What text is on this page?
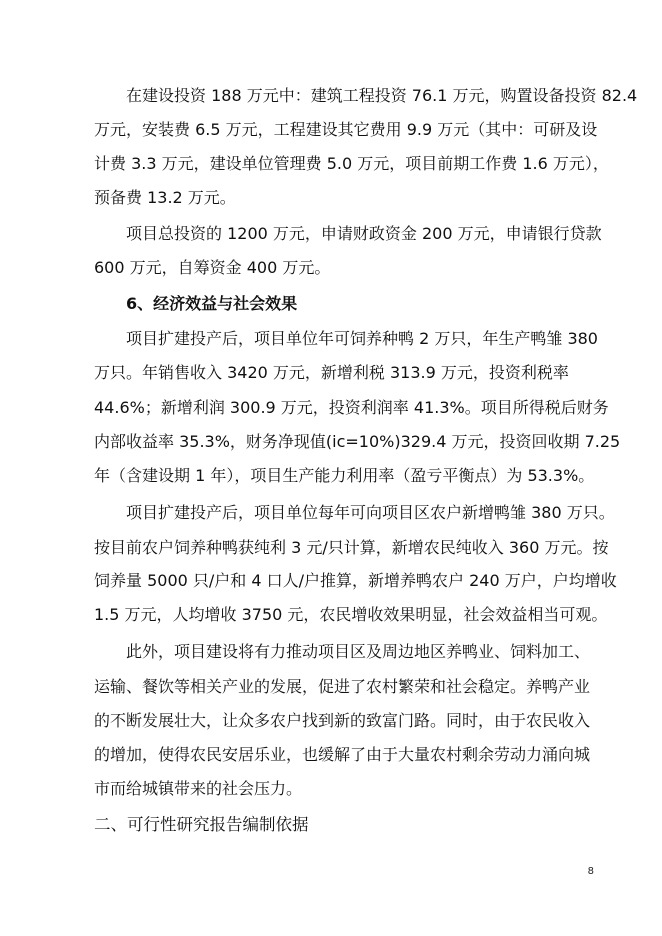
　　在建设投资 188 万元中：建筑工程投资 76.1 万元，购置设备投资 82.4
万元，安装费 6.5 万元，工程建设其它费用 9.9 万元（其中：可研及设
计费 3.3 万元，建设单位管理费 5.0 万元，项目前期工作费 1.6 万元），
预备费 13.2 万元。
　　项目总投资的 1200 万元，申请财政资金 200 万元，申请银行贷款
600 万元，自筹资金 400 万元。
　　6、经济效益与社会效果
　　项目扩建投产后，项目单位年可饲养种鸭 2 万只，年生产鸭雏 380
万只。年销售收入 3420 万元，新增利税 313.9 万元，投资利税率
44.6%；新增利润 300.9 万元，投资利润率 41.3%。项目所得税后财务
内部收益率 35.3%，财务净现值(ic=10%)329.4 万元，投资回收期 7.25
年（含建设期 1 年），项目生产能力利用率（盈亏平衡点）为 53.3%。
　　项目扩建投产后，项目单位每年可向项目区农户新增鸭雏 380 万只。
按目前农户饲养种鸭获纯利 3 元/只计算，新增农民纯收入 360 万元。按
饲养量 5000 只/户和 4 口人/户推算，新增养鸭农户 240 万户，户均增收
1.5 万元，人均增收 3750 元，农民增收效果明显，社会效益相当可观。
　　此外，项目建设将有力推动项目区及周边地区养鸭业、饲料加工、
运输、餐饮等相关产业的发展，促进了农村繁荣和社会稳定。养鸭产业
的不断发展壮大，让众多农户找到新的致富门路。同时，由于农民收入
的增加，使得农民安居乐业，也缓解了由于大量农村剩余劳动力涌向城
市而给城镇带来的社会压力。
二、可行性研究报告编制依据
8
